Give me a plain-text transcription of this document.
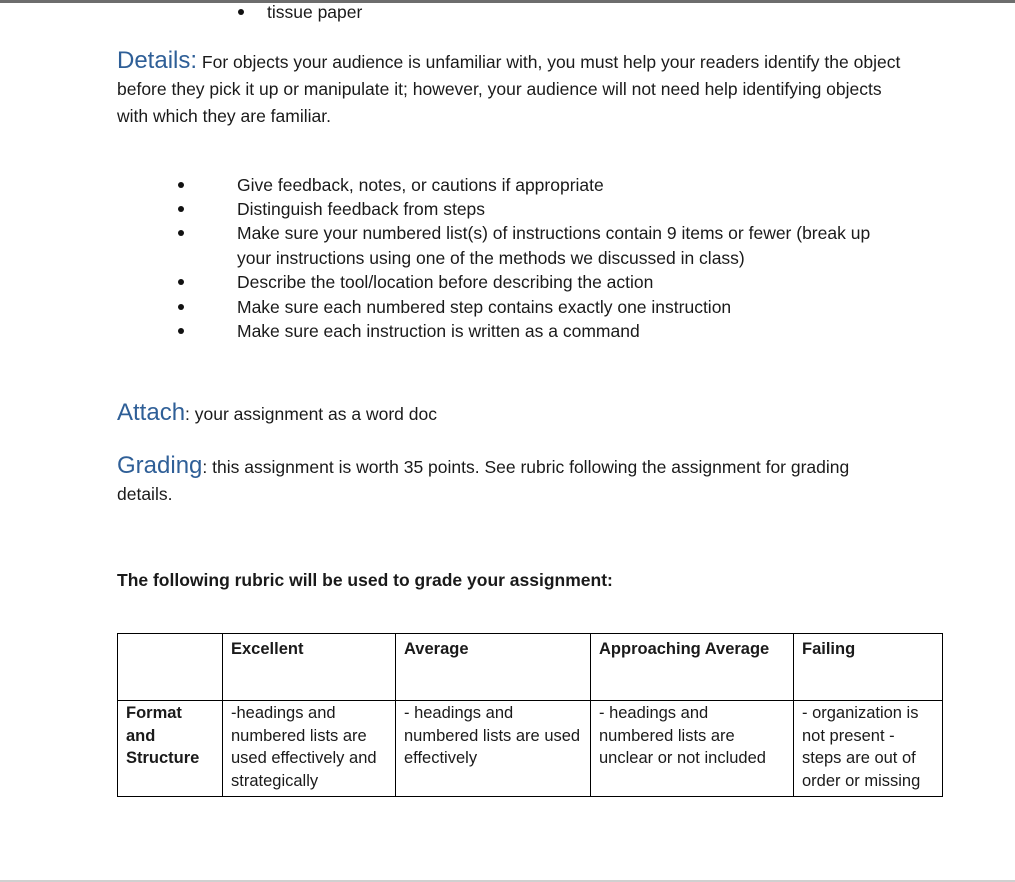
tissue paper
Details: For objects your audience is unfamiliar with, you must help your readers identify the object before they pick it up or manipulate it; however, your audience will not need help identifying objects with which they are familiar.
Give feedback, notes, or cautions if appropriate
Distinguish feedback from steps
Make sure your numbered list(s) of instructions contain 9 items or fewer (break up your instructions using one of the methods we discussed in class)
Describe the tool/location before describing the action
Make sure each numbered step contains exactly one instruction
Make sure each instruction is written as a command
Attach: your assignment as a word doc
Grading: this assignment is worth 35 points. See rubric following the assignment for grading details.
The following rubric will be used to grade your assignment:
	Excellent	Average	Approaching Average	Failing
Format and Structure	-headings and numbered lists are used effectively and strategically	- headings and numbered lists are used effectively	- headings and numbered lists are unclear or not included	- organization is not present -steps are out of order or missing
